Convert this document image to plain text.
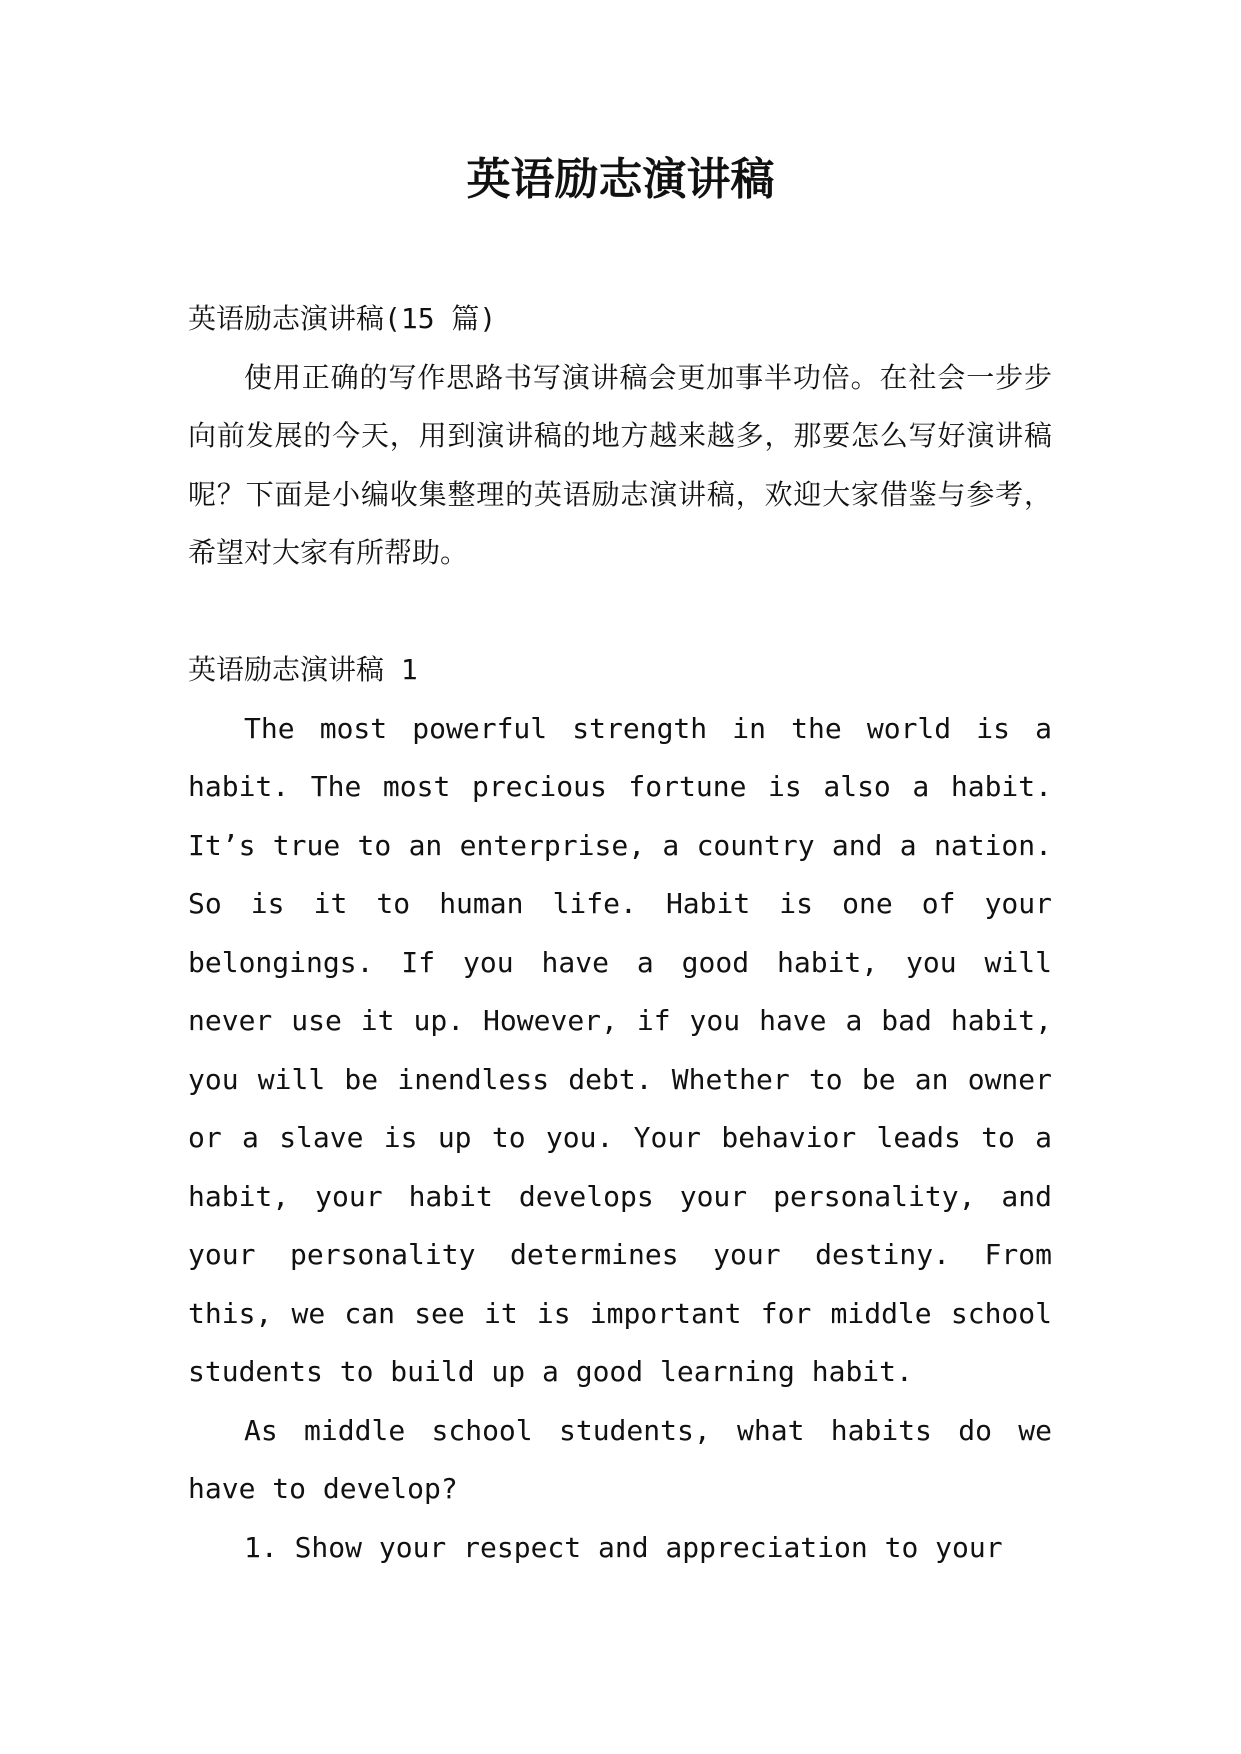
英语励志演讲稿

英语励志演讲稿(15 篇)

使用正确的写作思路书写演讲稿会更加事半功倍。在社会一步步向前发展的今天，用到演讲稿的地方越来越多，那要怎么写好演讲稿呢？下面是小编收集整理的英语励志演讲稿，欢迎大家借鉴与参考，希望对大家有所帮助。

英语励志演讲稿 1

The most powerful strength in the world is a habit. The most precious fortune is also a habit. It’s true to an enterprise, a country and a nation. So is it to human life. Habit is one of your belongings. If you have a good habit, you will never use it up. However, if you have a bad habit, you will be inendless debt. Whether to be an owner or a slave is up to you. Your behavior leads to a habit, your habit develops your personality, and your personality determines your destiny. From this, we can see it is important for middle school students to build up a good learning habit.

As middle school students, what habits do we have to develop?

1. Show your respect and appreciation to your
